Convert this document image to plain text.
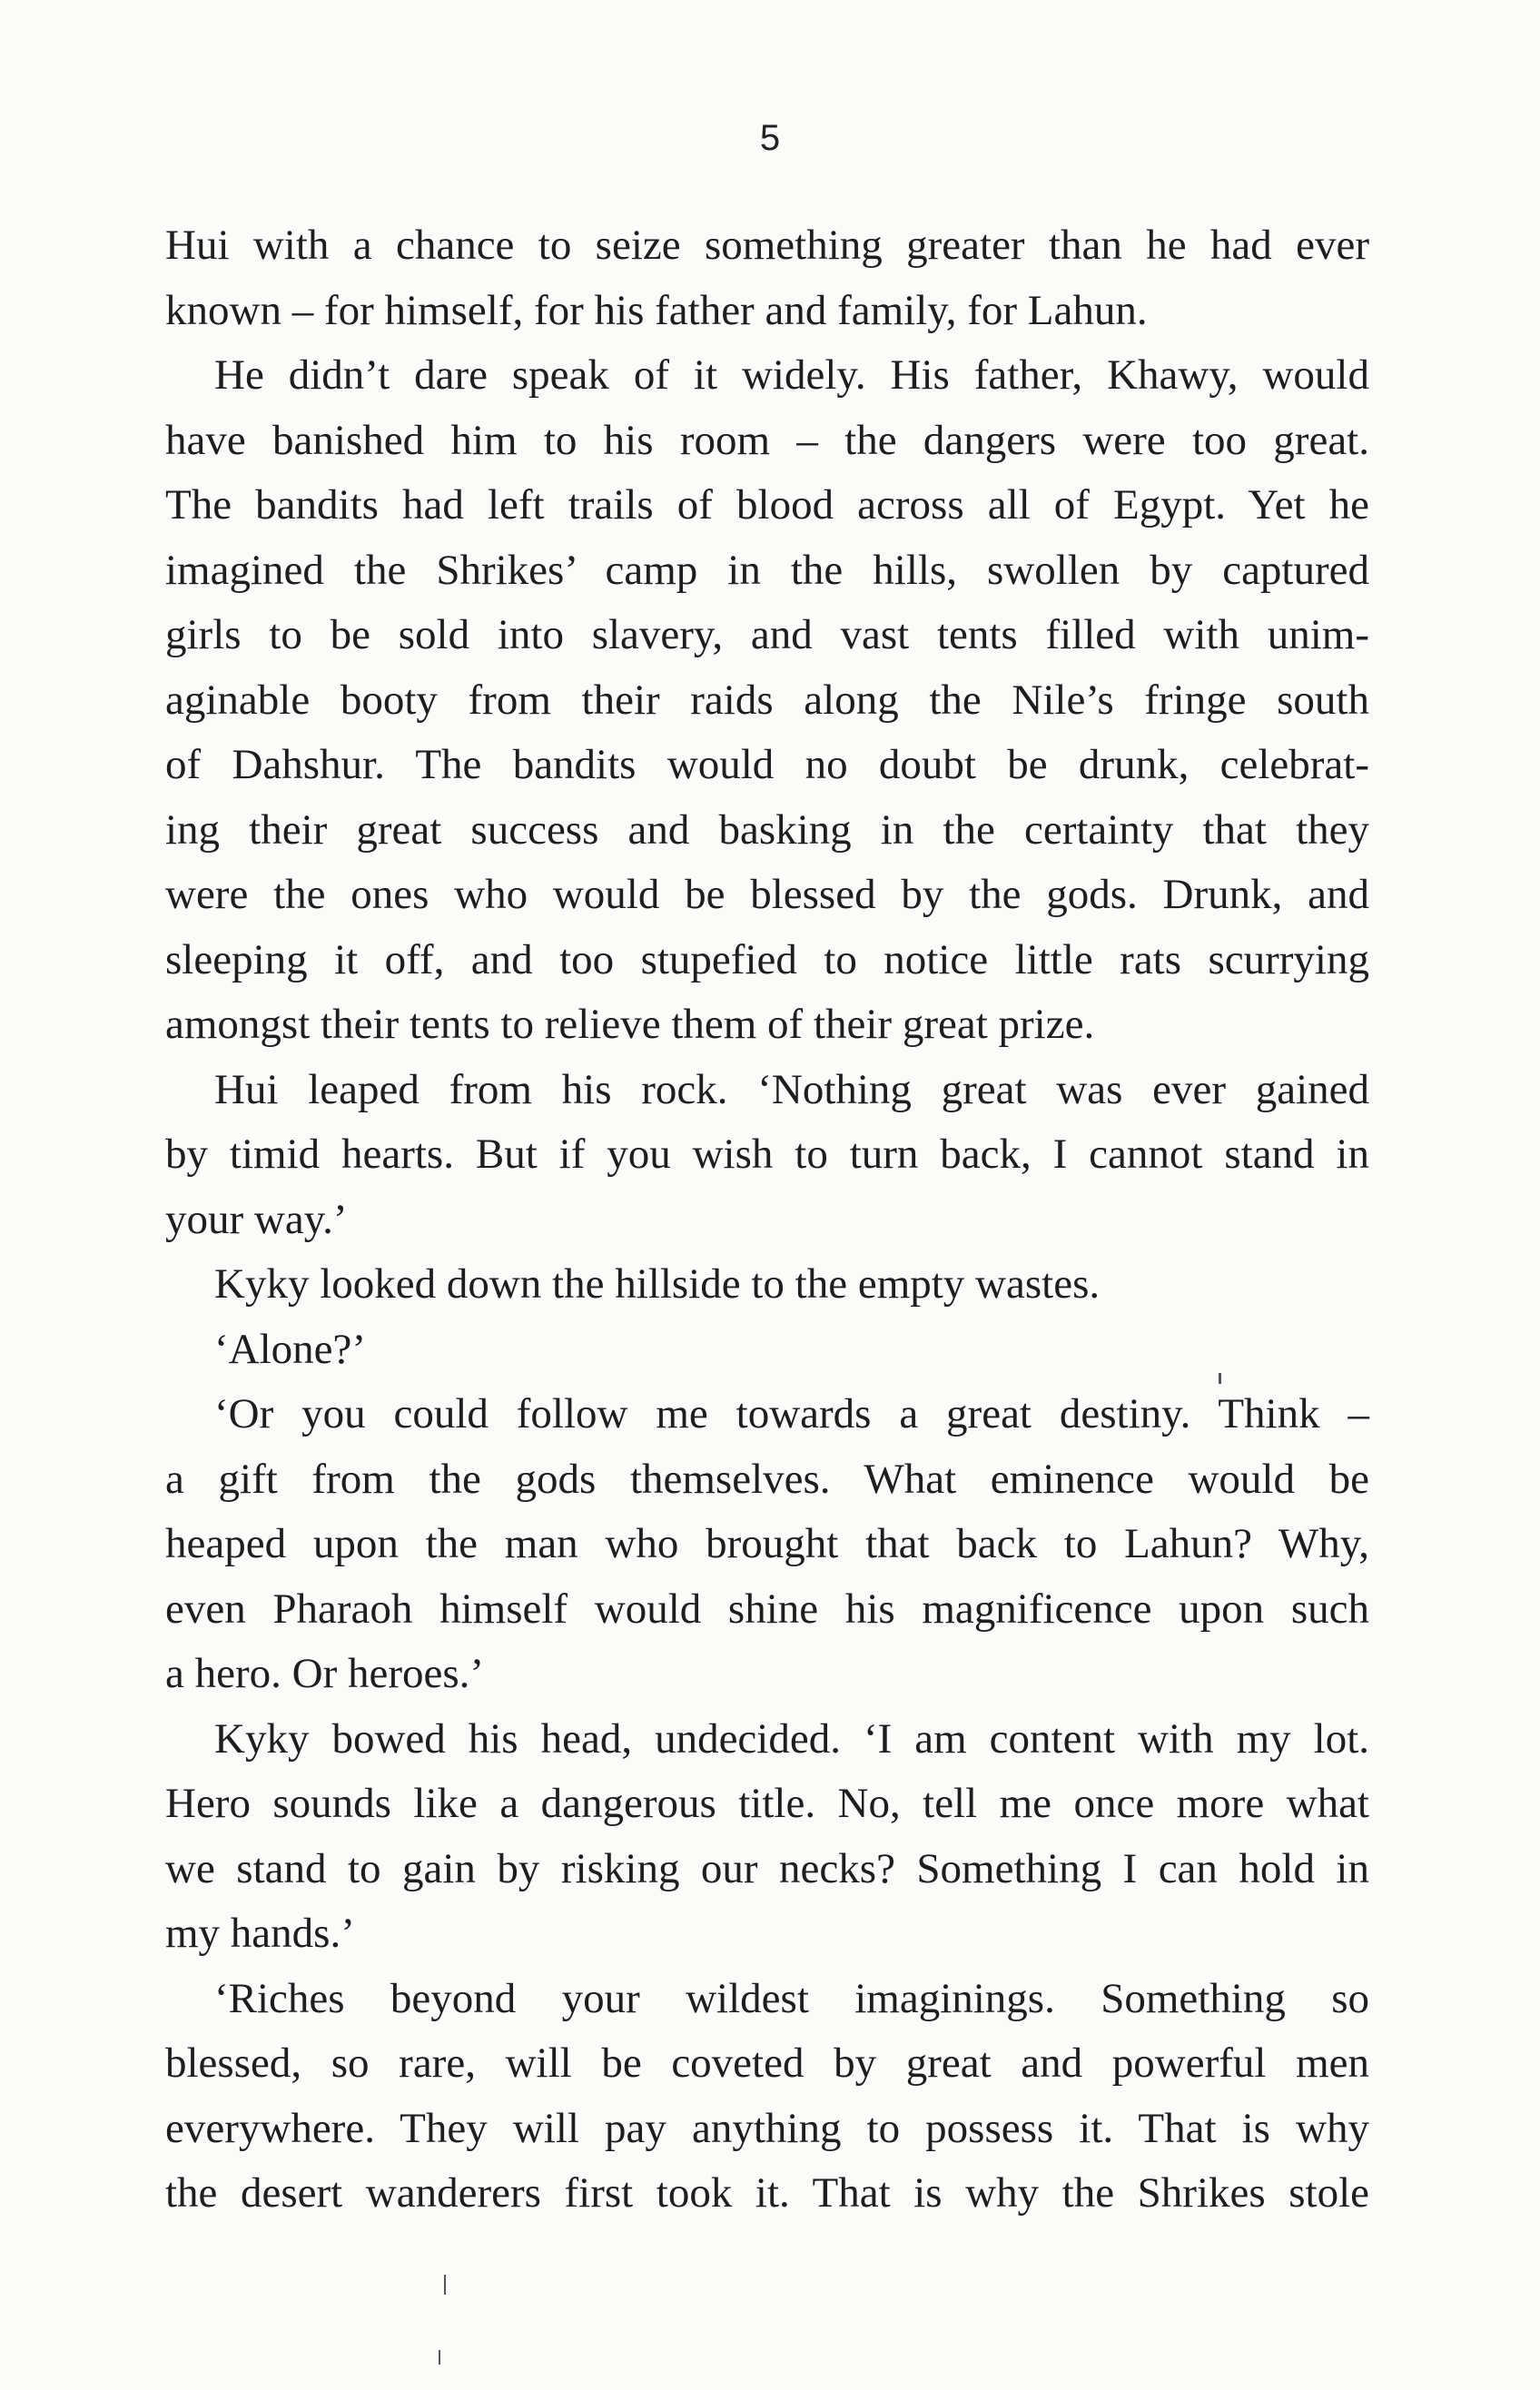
5
Hui with a chance to seize something greater than he had ever
known – for himself, for his father and family, for Lahun.
He didn’t dare speak of it widely. His father, Khawy, would
have banished him to his room – the dangers were too great.
The bandits had left trails of blood across all of Egypt. Yet he
imagined the Shrikes’ camp in the hills, swollen by captured
girls to be sold into slavery, and vast tents filled with unim-
aginable booty from their raids along the Nile’s fringe south
of Dahshur. The bandits would no doubt be drunk, celebrat-
ing their great success and basking in the certainty that they
were the ones who would be blessed by the gods. Drunk, and
sleeping it off, and too stupefied to notice little rats scurrying
amongst their tents to relieve them of their great prize.
Hui leaped from his rock. ‘Nothing great was ever gained
by timid hearts. But if you wish to turn back, I cannot stand in
your way.’
Kyky looked down the hillside to the empty wastes.
‘Alone?’
‘Or you could follow me towards a great destiny. Think –
a gift from the gods themselves. What eminence would be
heaped upon the man who brought that back to Lahun? Why,
even Pharaoh himself would shine his magnificence upon such
a hero. Or heroes.’
Kyky bowed his head, undecided. ‘I am content with my lot.
Hero sounds like a dangerous title. No, tell me once more what
we stand to gain by risking our necks? Something I can hold in
my hands.’
‘Riches beyond your wildest imaginings. Something so
blessed, so rare, will be coveted by great and powerful men
everywhere. They will pay anything to possess it. That is why
the desert wanderers first took it. That is why the Shrikes stole
